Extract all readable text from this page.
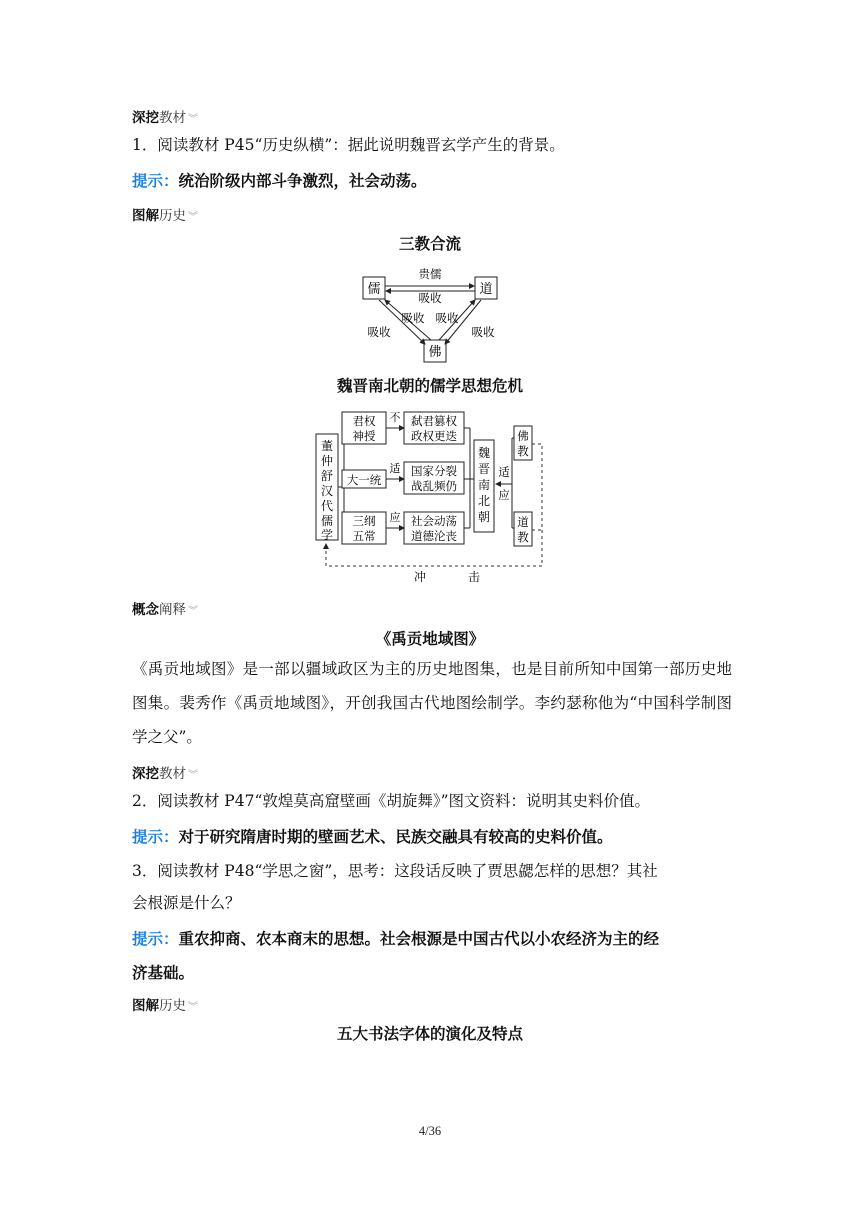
深挖教材 ︾
1．阅读教材 P45“历史纵横”：据此说明魏晋玄学产生的背景。
提示：统治阶级内部斗争激烈，社会动荡。
图解历史 ︾
三教合流
儒	道
佛
贵儒
吸收
吸收
吸收 吸收
吸收
魏晋南北朝的儒学思想危机
董
仲
舒
汉
代
儒
学
君权
神授
大一统
三纲
五常
不
适
应
弑君篡权
政权更迭
国家分裂
战乱频仍
社会动荡
道德沦丧
魏
晋
南
北
朝
适
应
佛
教
道
教
冲	击
概念阐释 ︾
《禹贡地域图》
《禹贡地域图》是一部以疆域政区为主的历史地图集，也是目前所知中国第一部历史地图集。裴秀作《禹贡地域图》，开创我国古代地图绘制学。李约瑟称他为“中国科学制图学之父”。
深挖教材 ︾
2．阅读教材 P47“敦煌莫高窟壁画《胡旋舞》”图文资料：说明其史料价值。
提示：对于研究隋唐时期的壁画艺术、民族交融具有较高的史料价值。
3．阅读教材 P48“学思之窗”，思考：这段话反映了贾思勰怎样的思想？其社
会根源是什么？
提示：重农抑商、农本商末的思想。社会根源是中国古代以小农经济为主的经
济基础。
图解历史 ︾
五大书法字体的演化及特点
4/36
